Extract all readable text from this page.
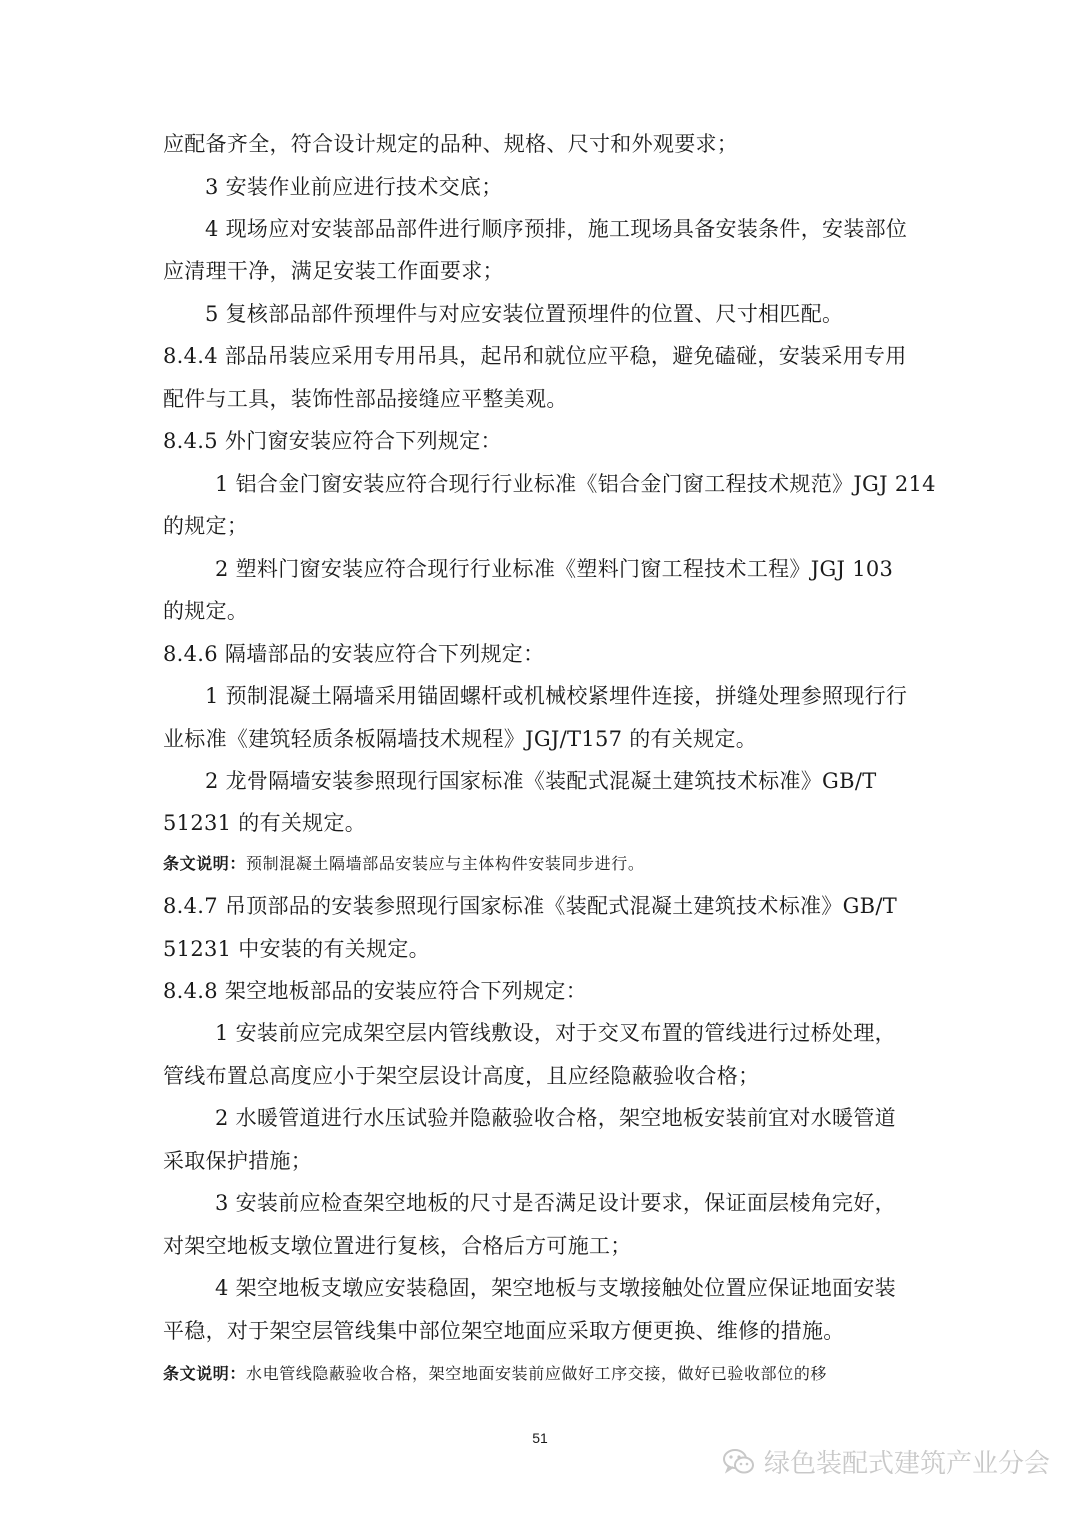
应配备齐全，符合设计规定的品种、规格、尺寸和外观要求；
3 安装作业前应进行技术交底；
4 现场应对安装部品部件进行顺序预排，施工现场具备安装条件，安装部位
应清理干净，满足安装工作面要求；
5 复核部品部件预埋件与对应安装位置预埋件的位置、尺寸相匹配。
8.4.4 部品吊装应采用专用吊具，起吊和就位应平稳，避免磕碰，安装采用专用
配件与工具，装饰性部品接缝应平整美观。
8.4.5 外门窗安装应符合下列规定：
1 铝合金门窗安装应符合现行行业标准《铝合金门窗工程技术规范》JGJ 214
的规定；
2 塑料门窗安装应符合现行行业标准《塑料门窗工程技术工程》JGJ 103
的规定。
8.4.6 隔墙部品的安装应符合下列规定：
1 预制混凝土隔墙采用锚固螺杆或机械校紧埋件连接，拼缝处理参照现行行
业标准《建筑轻质条板隔墙技术规程》JGJ/T157 的有关规定。
2 龙骨隔墙安装参照现行国家标准《装配式混凝土建筑技术标准》GB/T
51231 的有关规定。
条文说明：预制混凝土隔墙部品安装应与主体构件安装同步进行。
8.4.7 吊顶部品的安装参照现行国家标准《装配式混凝土建筑技术标准》GB/T
51231 中安装的有关规定。
8.4.8 架空地板部品的安装应符合下列规定：
1 安装前应完成架空层内管线敷设，对于交叉布置的管线进行过桥处理，
管线布置总高度应小于架空层设计高度，且应经隐蔽验收合格；
2 水暖管道进行水压试验并隐蔽验收合格，架空地板安装前宜对水暖管道
采取保护措施；
3 安装前应检查架空地板的尺寸是否满足设计要求，保证面层棱角完好，
对架空地板支墩位置进行复核，合格后方可施工；
4 架空地板支墩应安装稳固，架空地板与支墩接触处位置应保证地面安装
平稳，对于架空层管线集中部位架空地面应采取方便更换、维修的措施。
条文说明：水电管线隐蔽验收合格，架空地面安装前应做好工序交接，做好已验收部位的移
51
绿色装配式建筑产业分会
